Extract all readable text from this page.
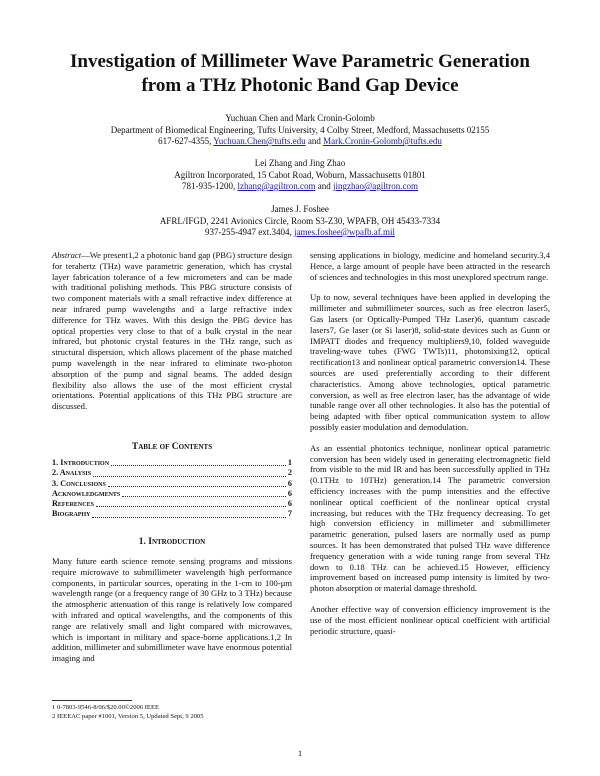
Investigation of Millimeter Wave Parametric Generation
from a THz Photonic Band Gap Device
Yuchuan Chen and Mark Cronin-Golomb
Department of Biomedical Engineering, Tufts University, 4 Colby Street, Medford, Massachusetts 02155
617-627-4355, Yuchuan.Chen@tufts.edu and Mark.Cronin-Golomb@tufts.edu
Lei Zhang and Jing Zhao
Agiltron Incorporated, 15 Cabot Road, Woburn, Massachusetts 01801
781-935-1200, lzhang@agiltron.com and jingzhao@agiltron.com
James J. Foshee
AFRL/IFGD, 2241 Avionics Circle, Room S3-Z30, WPAFB, OH 45433-7334
937-255-4947 ext.3404, james.foshee@wpafb.af.mil

Abstract—We present1,2 a photonic band gap (PBG) structure design for terahertz (THz) wave parametric generation, which has crystal layer fabrication tolerance of a few micrometers and can be made with traditional polishing methods. This PBG structure consists of two component materials with a small refractive index difference at near infrared pump wavelengths and a large refractive index difference for THz waves. With this design the PBG device has optical properties very close to that of a bulk crystal in the near infrared, but photonic crystal features in the THz range, such as structural dispersion, which allows placement of the phase matched pump wavelength in the near infrared to eliminate two-photon absorption of the pump and signal beams. The added design flexibility also allows the use of the most efficient crystal orientations. Potential applications of this THz PBG structure are discussed.

Table of Contents
1. Introduction	1
2. Analysis	2
3. Conclusions	6
Acknowledgments	6
References	6
Biography	7
1. Introduction

Many future earth science remote sensing programs and missions require microwave to submillimeter wavelength high performance components, in particular sources, operating in the 1-cm to 100-μm wavelength range (or a frequency range of 30 GHz to 3 THz) because the atmospheric attenuation of this range is relatively low compared with infrared and optical wavelengths, and the components of this range are relatively small and light compared with microwaves, which is important in military and space-borne applications.1,2 In addition, millimeter and submillimeter wave have enormous potential imaging and

sensing applications in biology, medicine and homeland security.3,4 Hence, a large amount of people have been attracted in the research of sciences and technologies in this most unexplored spectrum range.

Up to now, several techniques have been applied in developing the millimeter and submillimeter sources, such as free electron laser5, Gas lasers (or Optically-Pumped THz Laser)6, quantum cascade lasers7, Ge laser (or Si laser)8, solid-state devices such as Gunn or IMPATT diodes and frequency multipliers9,10, folded waveguide traveling-wave tubes (FWG TWTs)11, photomixing12, optical rectification13 and nonlinear optical parametric conversion14. These sources are used preferentially according to their different characteristics. Among above technologies, optical parametric conversion, as well as free electron laser, has the advantage of wide tunable range over all other technologies. It also has the potential of being adapted with fiber optical communication system to allow possibly easier modulation and demodulation.

As an essential photonics technique, nonlinear optical parametric conversion has been widely used in generating electromagnetic field from visible to the mid IR and has been successfully applied in THz (0.1THz to 10THz) generation.14 The parametric conversion efficiency increases with the pump intensities and the effective nonlinear optical coefficient of the nonlinear optical crystal increasing, but reduces with the THz frequency decreasing. To get high conversion efficiency in millimeter and submillimeter parametric generation, pulsed lasers are normally used as pump sources. It has been demonstrated that pulsed THz wave difference frequency generation with a wide tuning range from several THz down to 0.18 THz can be achieved.15 However, efficiency improvement based on increased pump intensity is limited by two-photon absorption or material damage threshold.

Another effective way of conversion efficiency improvement is the use of the most efficient nonlinear optical coefficient with artificial periodic structure, quasi-

1 0-7803-9546-8/06/$20.00©2006 IEEE
2 IEEEAC paper #1001, Version 5, Updated Sept, 9 2005
1
